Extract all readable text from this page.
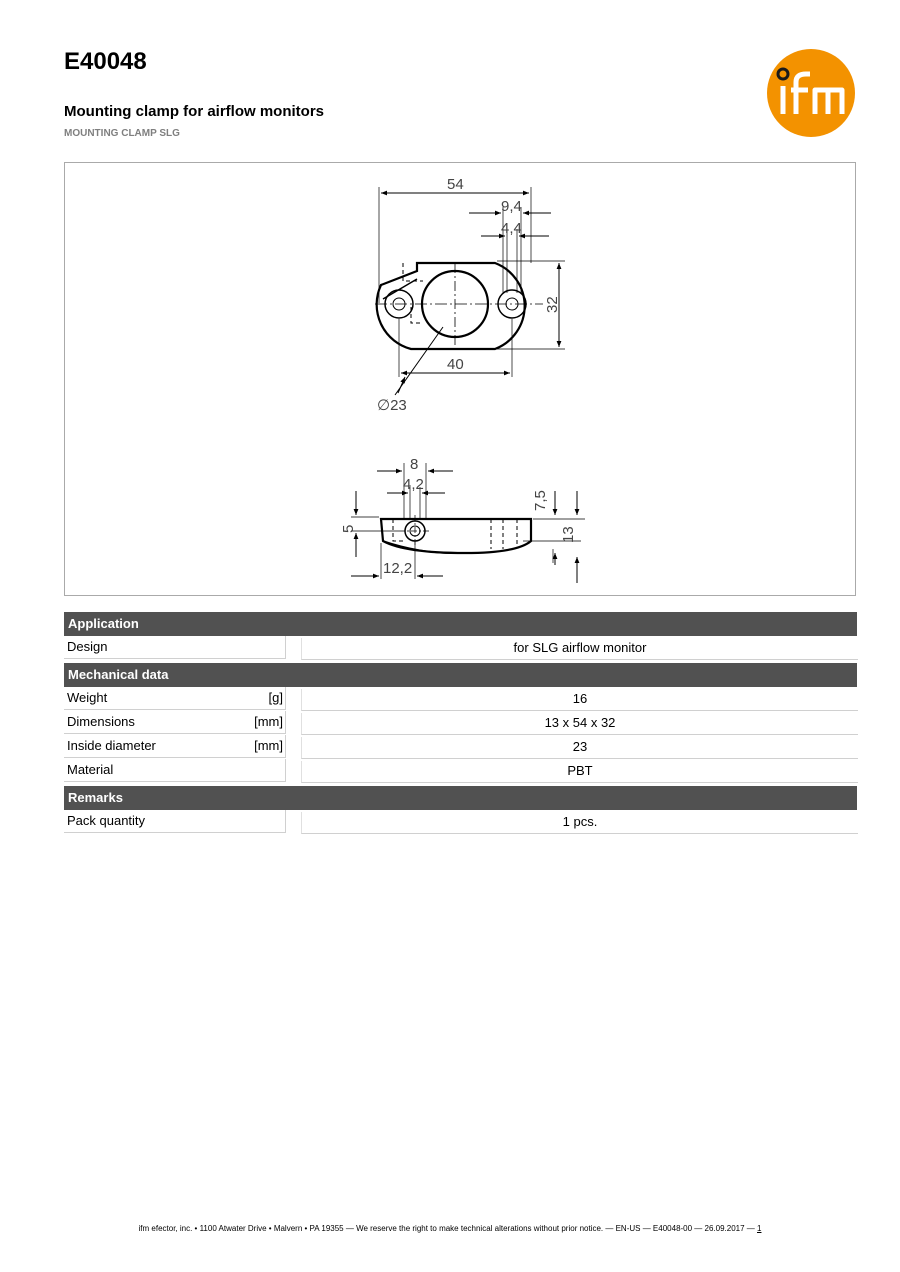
E40048
Mounting clamp for airflow monitors
MOUNTING CLAMP SLG
54
9,4
4,4
32
40
∅23
8
4,2
7,5
5	13
12,2
Application
Design	for SLG airflow monitor
Mechanical data
Weight	[g]	16
Dimensions	[mm]	13 x 54 x 32
Inside diameter	[mm]	23
Material	PBT
Remarks
Pack quantity	1 pcs.
ifm efector, inc. • 1100 Atwater Drive • Malvern • PA 19355 — We reserve the right to make technical alterations without prior notice. — EN-US — E40048-00 — 26.09.2017 — 1
